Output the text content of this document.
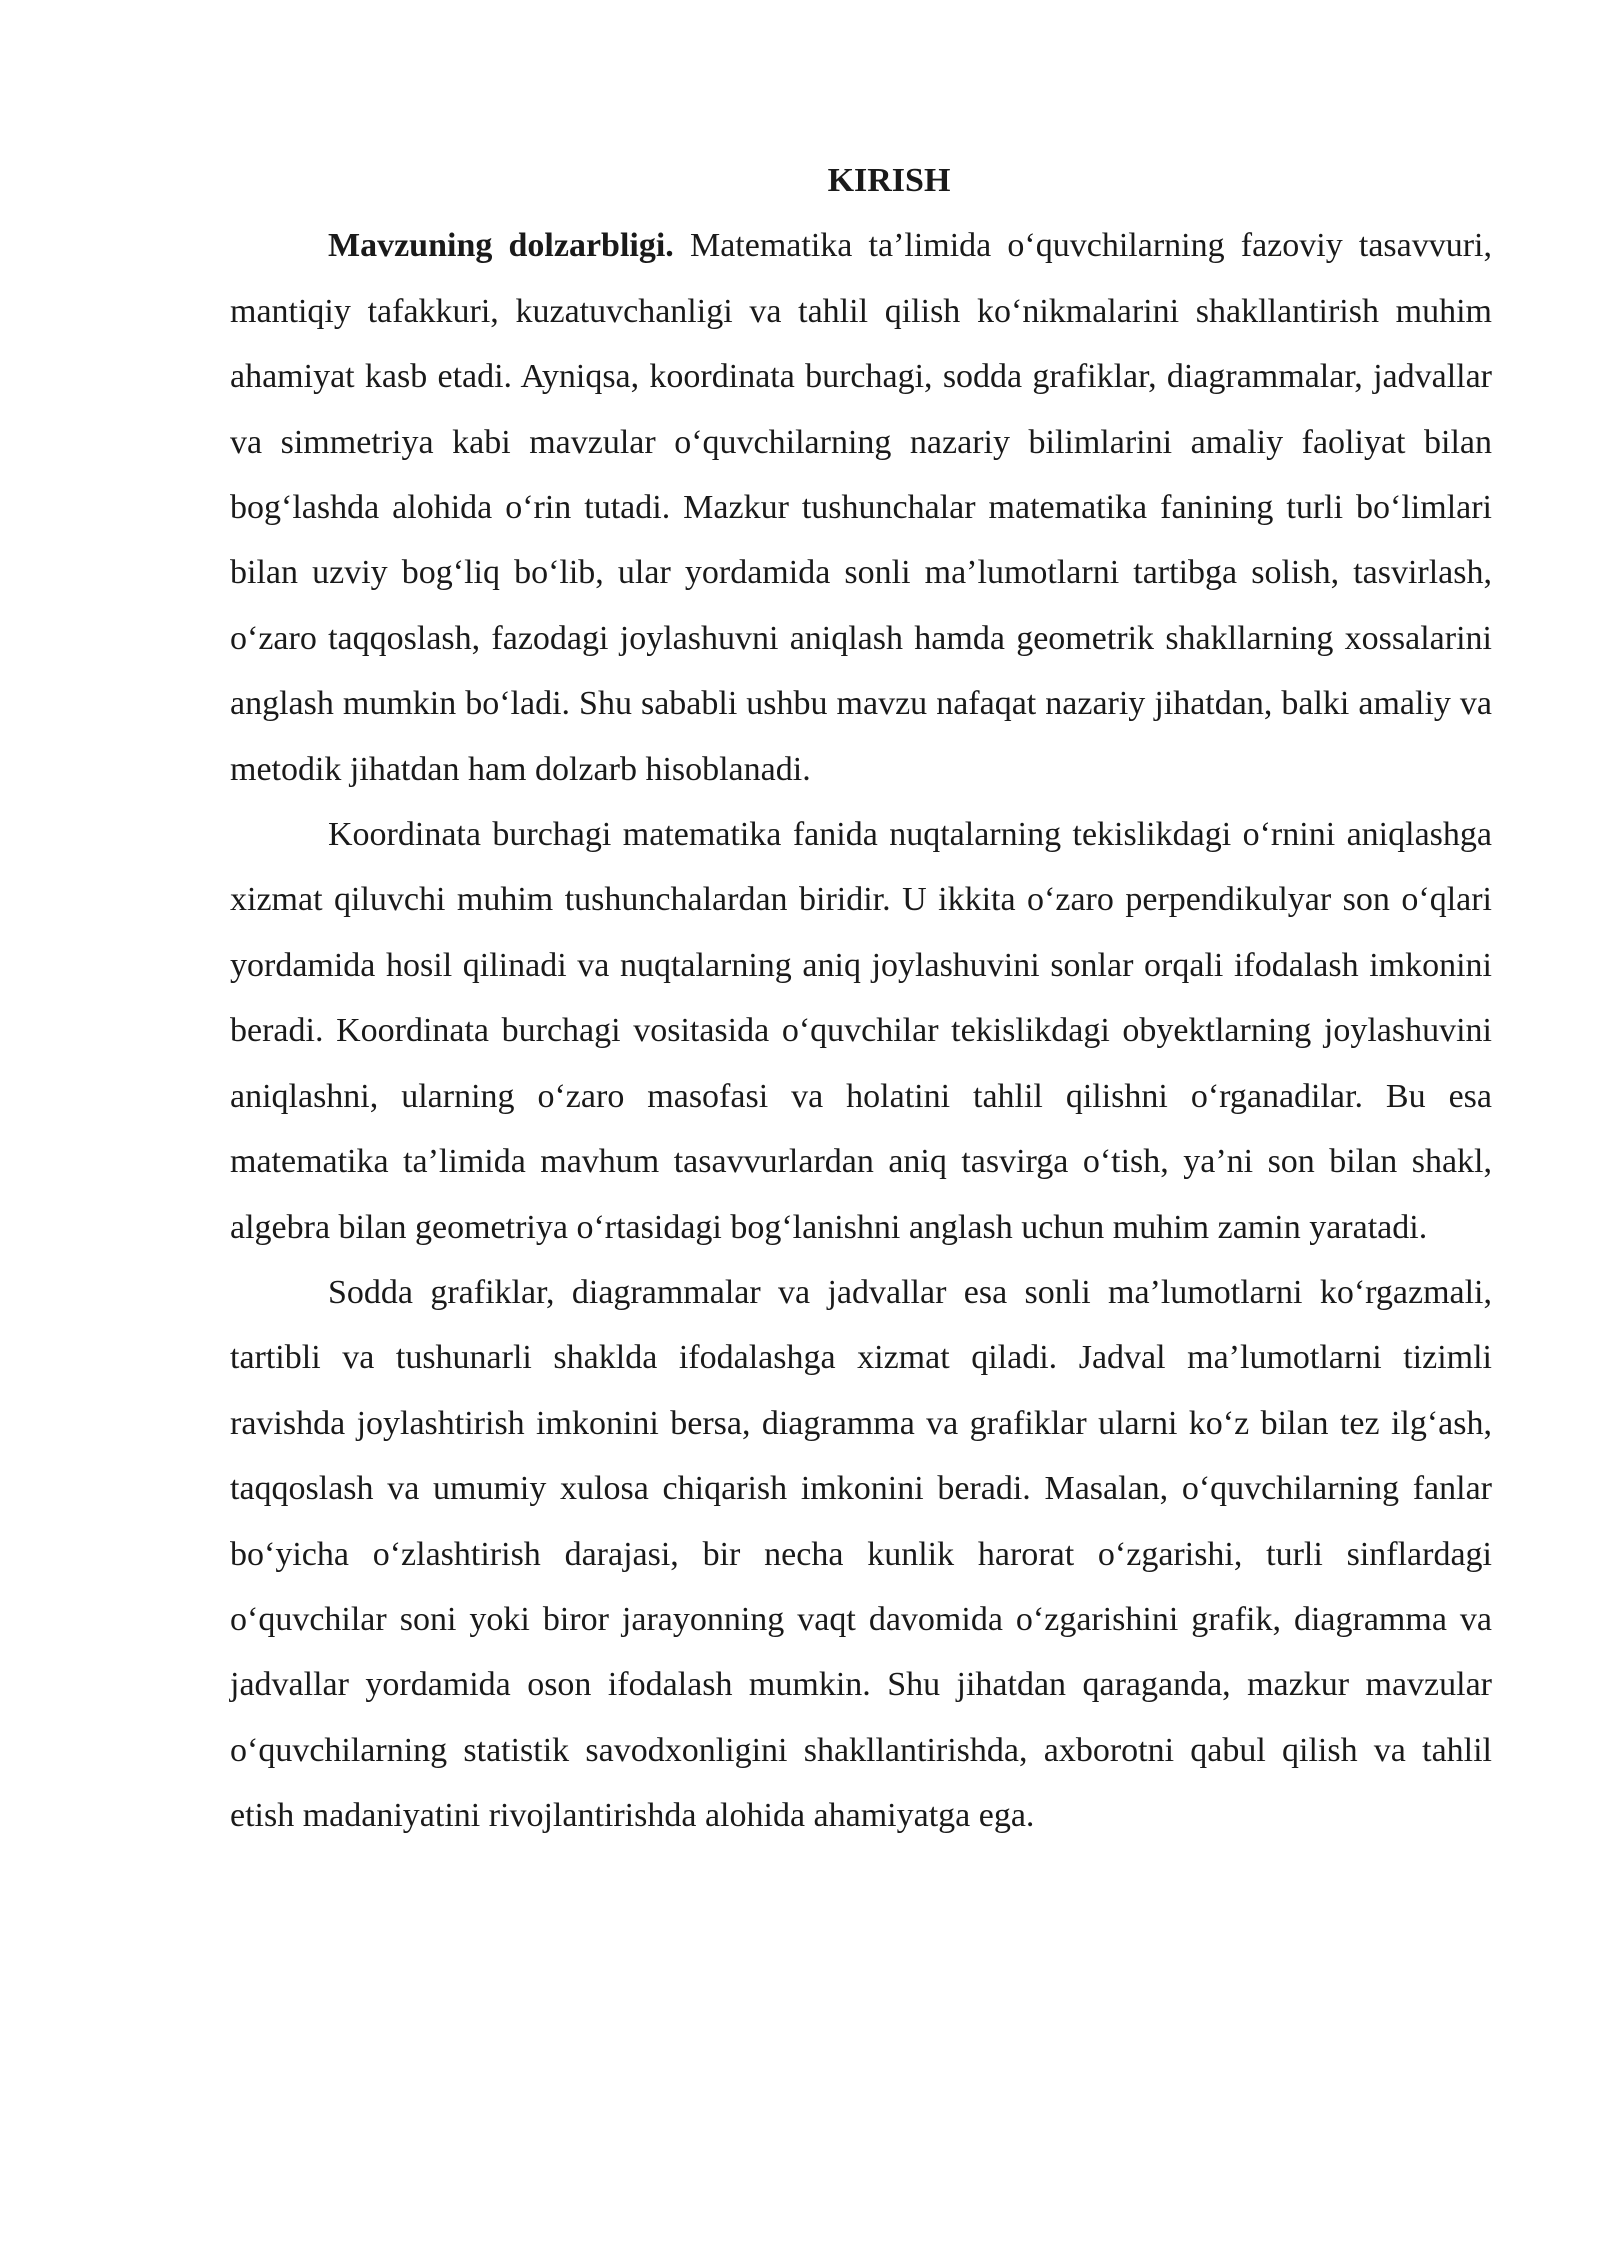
KIRISH

Mavzuning dolzarbligi. Matematika ta’limida o‘quvchilarning fazoviy tasavvuri, mantiqiy tafakkuri, kuzatuvchanligi va tahlil qilish ko‘nikmalarini shakllantirish muhim ahamiyat kasb etadi. Ayniqsa, koordinata burchagi, sodda grafiklar, diagrammalar, jadvallar va simmetriya kabi mavzular o‘quvchilarning nazariy bilimlarini amaliy faoliyat bilan bog‘lashda alohida o‘rin tutadi. Mazkur tushunchalar matematika fanining turli bo‘limlari bilan uzviy bog‘liq bo‘lib, ular yordamida sonli ma’lumotlarni tartibga solish, tasvirlash, o‘zaro taqqoslash, fazodagi joylashuvni aniqlash hamda geometrik shakllarning xossalarini anglash mumkin bo‘ladi. Shu sababli ushbu mavzu nafaqat nazariy jihatdan, balki amaliy va metodik jihatdan ham dolzarb hisoblanadi.

Koordinata burchagi matematika fanida nuqtalarning tekislikdagi o‘rnini aniqlashga xizmat qiluvchi muhim tushunchalardan biridir. U ikkita o‘zaro perpendikulyar son o‘qlari yordamida hosil qilinadi va nuqtalarning aniq joylashuvini sonlar orqali ifodalash imkonini beradi. Koordinata burchagi vositasida o‘quvchilar tekislikdagi obyektlarning joylashuvini aniqlashni, ularning o‘zaro masofasi va holatini tahlil qilishni o‘rganadilar. Bu esa matematika ta’limida mavhum tasavvurlardan aniq tasvirga o‘tish, ya’ni son bilan shakl, algebra bilan geometriya o‘rtasidagi bog‘lanishni anglash uchun muhim zamin yaratadi.

Sodda grafiklar, diagrammalar va jadvallar esa sonli ma’lumotlarni ko‘rgazmali, tartibli va tushunarli shaklda ifodalashga xizmat qiladi. Jadval ma’lumotlarni tizimli ravishda joylashtirish imkonini bersa, diagramma va grafiklar ularni ko‘z bilan tez ilg‘ash, taqqoslash va umumiy xulosa chiqarish imkonini beradi. Masalan, o‘quvchilarning fanlar bo‘yicha o‘zlashtirish darajasi, bir necha kunlik harorat o‘zgarishi, turli sinflardagi o‘quvchilar soni yoki biror jarayonning vaqt davomida o‘zgarishini grafik, diagramma va jadvallar yordamida oson ifodalash mumkin. Shu jihatdan qaraganda, mazkur mavzular o‘quvchilarning statistik savodxonligini shakllantirishda, axborotni qabul qilish va tahlil etish madaniyatini rivojlantirishda alohida ahamiyatga ega.
